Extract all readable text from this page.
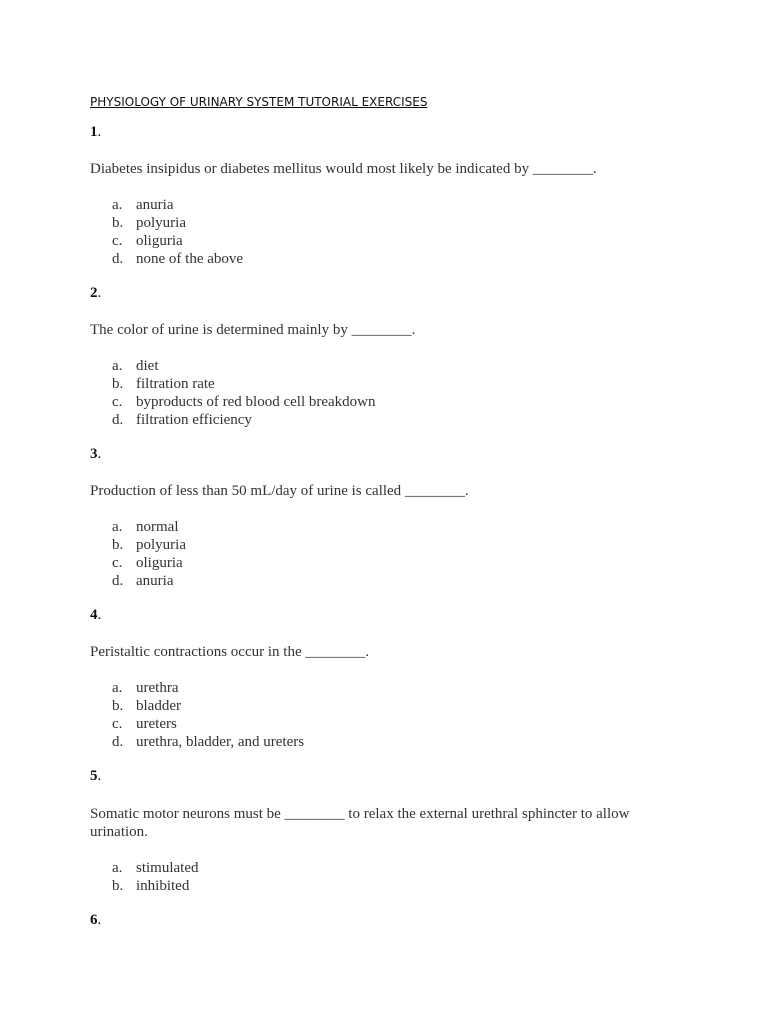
PHYSIOLOGY OF URINARY SYSTEM TUTORIAL EXERCISES
1.
Diabetes insipidus or diabetes mellitus would most likely be indicated by ________.
a. anuria
b. polyuria
c. oliguria
d. none of the above
2.
The color of urine is determined mainly by ________.
a. diet
b. filtration rate
c. byproducts of red blood cell breakdown
d. filtration efficiency
3.
Production of less than 50 mL/day of urine is called ________.
a. normal
b. polyuria
c. oliguria
d. anuria
4.
Peristaltic contractions occur in the ________.
a. urethra
b. bladder
c. ureters
d. urethra, bladder, and ureters
5.
Somatic motor neurons must be ________ to relax the external urethral sphincter to allow urination.
a. stimulated
b. inhibited
6.
